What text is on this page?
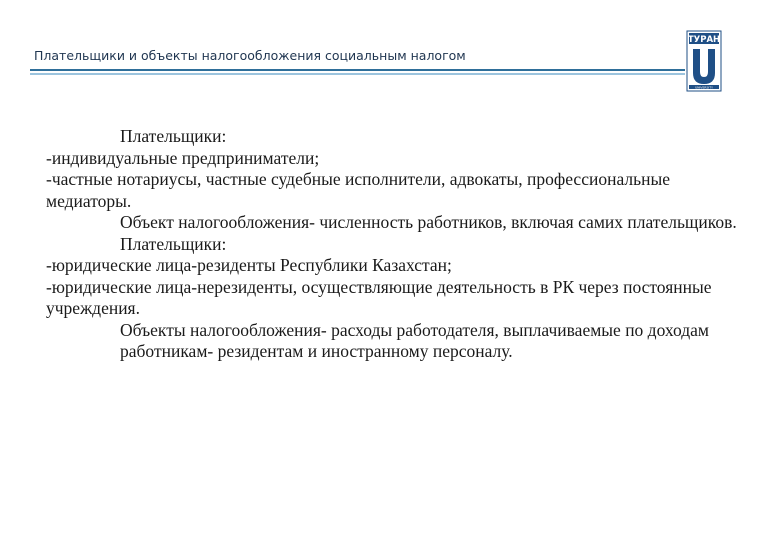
Плательщики и объекты налогообложения социальным налогом
ТУРАН
UNIVERSITY

Плательщики:

-индивидуальные предприниматели;

-частные нотариусы, частные судебные исполнители, адвокаты, профессиональные медиаторы.

Объект налогообложения- численность работников, включая самих плательщиков.

Плательщики:

-юридические лица-резиденты Республики Казахстан;

-юридические лица-нерезиденты, осуществляющие деятельность в РК через постоянные учреждения.

Объекты налогообложения- расходы работодателя, выплачиваемые по доходам работникам- резидентам и иностранному персоналу.
